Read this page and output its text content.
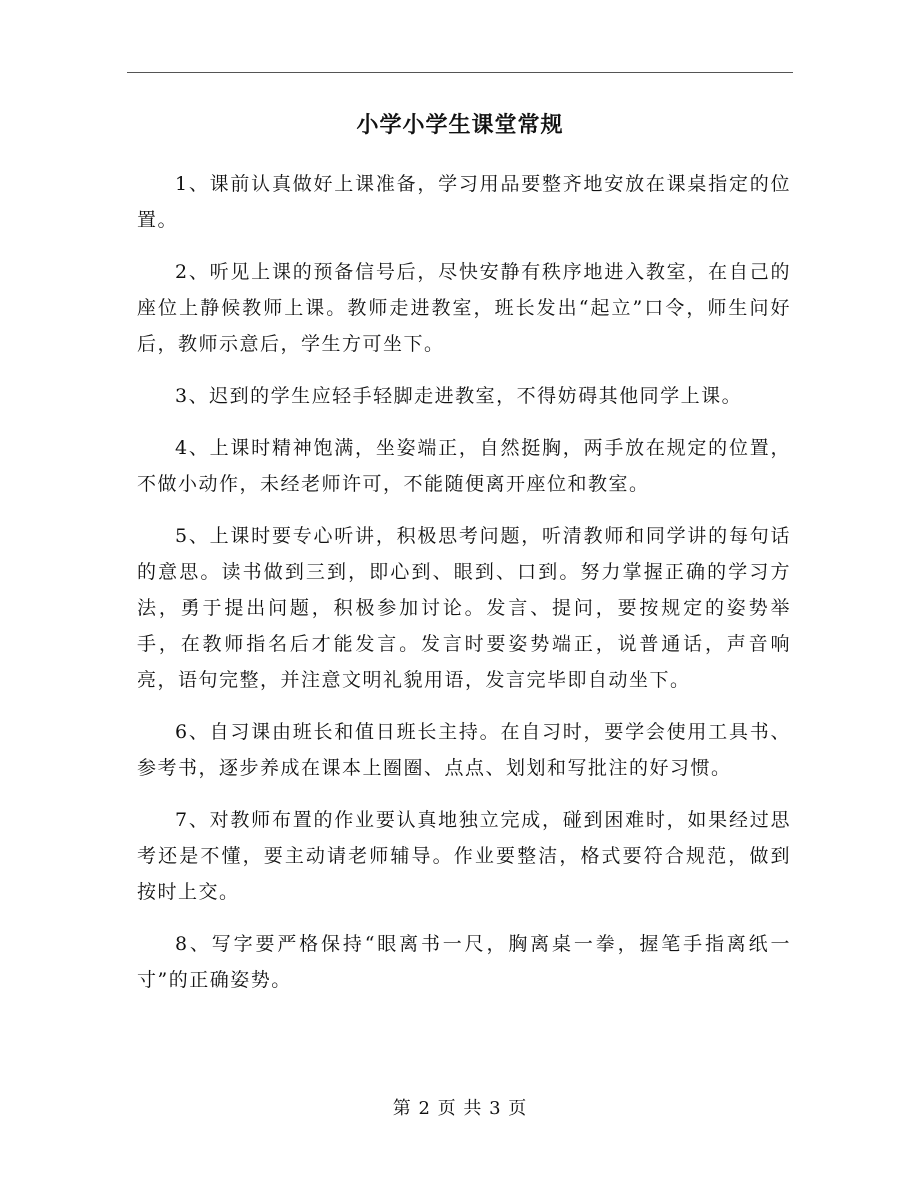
小学小学生课堂常规

1、课前认真做好上课准备，学习用品要整齐地安放在课桌指定的位置。

2、听见上课的预备信号后，尽快安静有秩序地进入教室，在自己的座位上静候教师上课。教师走进教室，班长发出“起立”口令，师生问好后，教师示意后，学生方可坐下。

3、迟到的学生应轻手轻脚走进教室，不得妨碍其他同学上课。

4、上课时精神饱满，坐姿端正，自然挺胸，两手放在规定的位置，不做小动作，未经老师许可，不能随便离开座位和教室。

5、上课时要专心听讲，积极思考问题，听清教师和同学讲的每句话的意思。读书做到三到，即心到、眼到、口到。努力掌握正确的学习方法，勇于提出问题，积极参加讨论。发言、提问，要按规定的姿势举手，在教师指名后才能发言。发言时要姿势端正，说普通话，声音响亮，语句完整，并注意文明礼貌用语，发言完毕即自动坐下。

6、自习课由班长和值日班长主持。在自习时，要学会使用工具书、参考书，逐步养成在课本上圈圈、点点、划划和写批注的好习惯。

7、对教师布置的作业要认真地独立完成，碰到困难时，如果经过思考还是不懂，要主动请老师辅导。作业要整洁，格式要符合规范，做到按时上交。

8、写字要严格保持“眼离书一尺，胸离桌一拳，握笔手指离纸一寸”的正确姿势。

第 2 页 共 3 页
